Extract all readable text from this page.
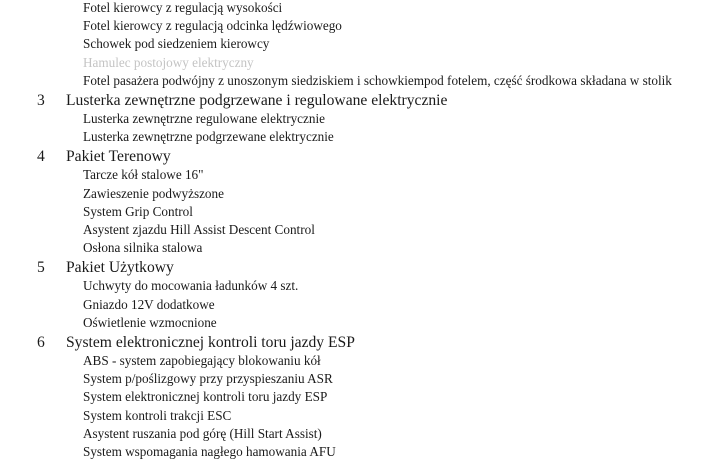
Fotel kierowcy z regulacją wysokości
Fotel kierowcy z regulacją odcinka lędźwiowego
Schowek pod siedzeniem kierowcy
Hamulec postojowy elektryczny
Fotel pasażera podwójny z unoszonym siedziskiem i schowkiempod fotelem, część środkowa składana w stolik
3 Lusterka zewnętrzne podgrzewane i regulowane elektrycznie
Lusterka zewnętrzne regulowane elektrycznie
Lusterka zewnętrzne podgrzewane elektrycznie
4 Pakiet Terenowy
Tarcze kół stalowe 16"
Zawieszenie podwyższone
System Grip Control
Asystent zjazdu Hill Assist Descent Control
Osłona silnika stalowa
5 Pakiet Użytkowy
Uchwyty do mocowania ładunków 4 szt.
Gniazdo 12V dodatkowe
Oświetlenie wzmocnione
6 System elektronicznej kontroli toru jazdy ESP
ABS - system zapobiegający blokowaniu kół
System p/poślizgowy przy przyspieszaniu ASR
System elektronicznej kontroli toru jazdy ESP
System kontroli trakcji ESC
Asystent ruszania pod górę (Hill Start Assist)
System wspomagania nagłego hamowania AFU
